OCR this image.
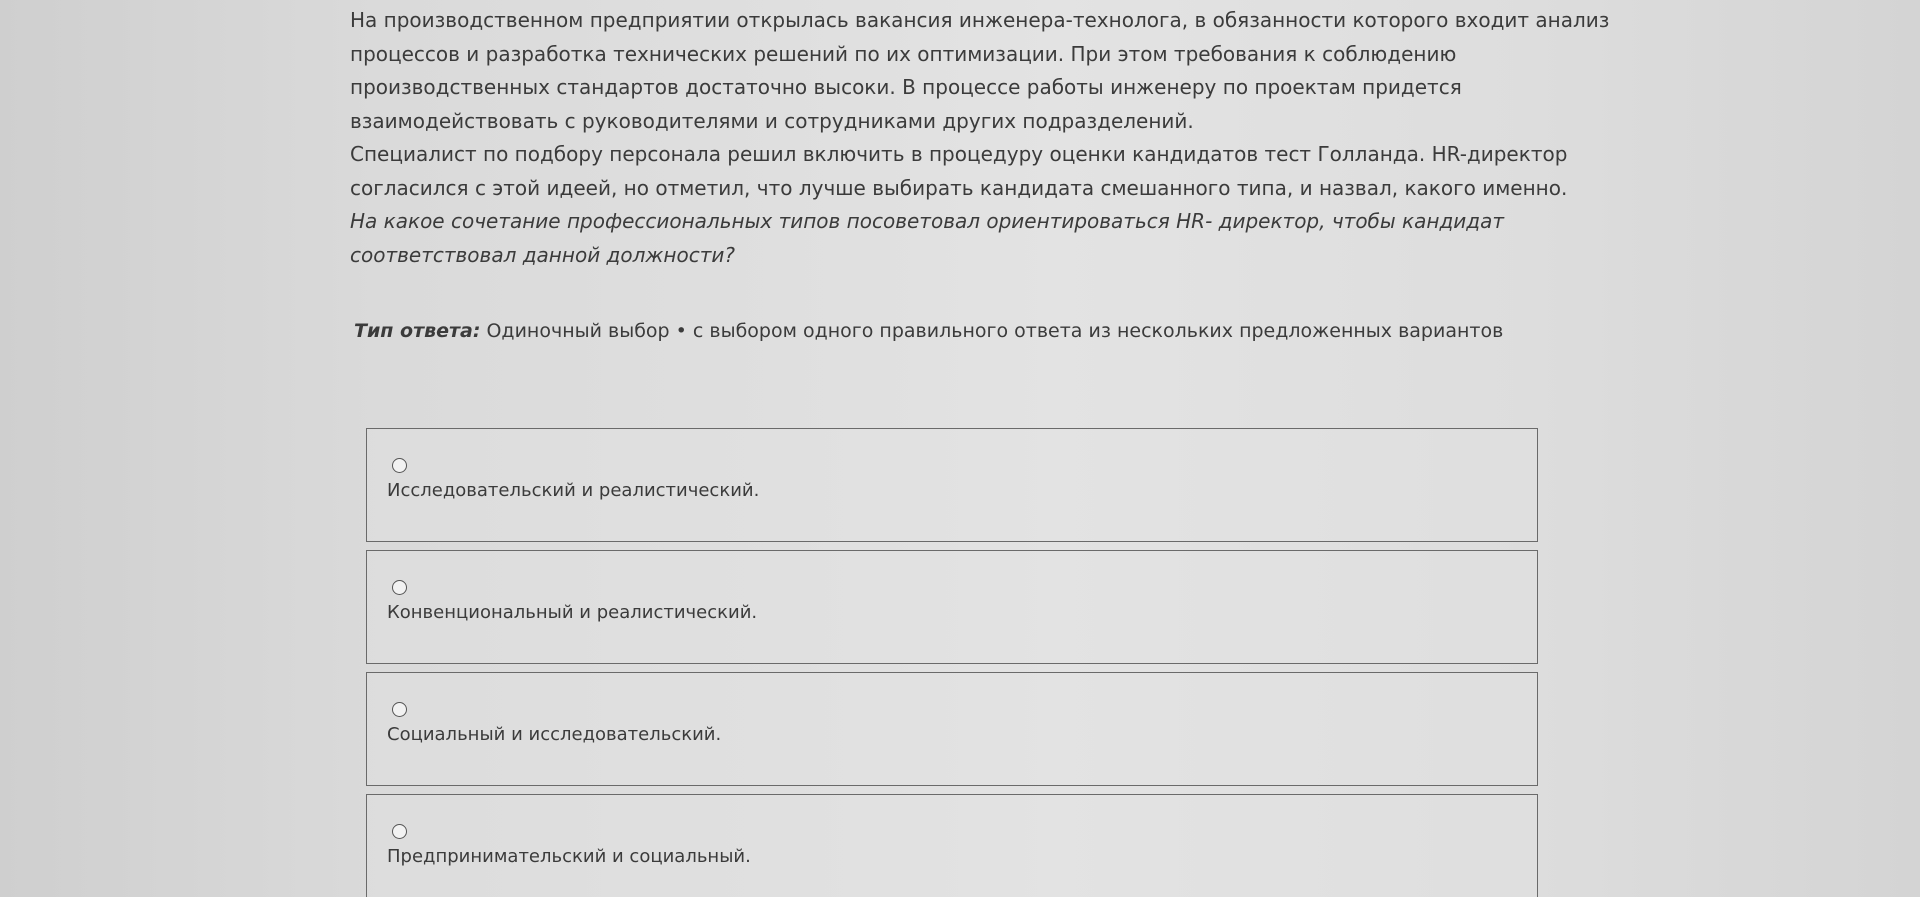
На производственном предприятии открылась вакансия инженера-технолога, в обязанности которого входит анализ
процессов и разработка технических решений по их оптимизации. При этом требования к соблюдению
производственных стандартов достаточно высоки. В процессе работы инженеру по проектам придется
взаимодействовать с руководителями и сотрудниками других подразделений.
Специалист по подбору персонала решил включить в процедуру оценки кандидатов тест Голланда. HR-директор
согласился с этой идеей, но отметил, что лучше выбирать кандидата смешанного типа, и назвал, какого именно.
На какое сочетание профессиональных типов посоветовал ориентироваться HR- директор, чтобы кандидат
соответствовал данной должности?
Тип ответа: Одиночный выбор • с выбором одного правильного ответа из нескольких предложенных вариантов
Исследовательский и реалистический.
Конвенциональный и реалистический.
Социальный и исследовательский.
Предпринимательский и социальный.
